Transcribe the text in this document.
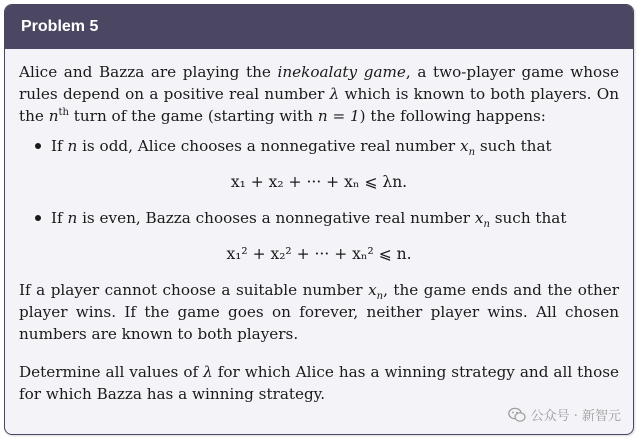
Problem 5

Alice and Bazza are playing the inekoalaty game, a two-player game whose rules depend on a positive real number λ which is known to both players. On the $n^{th}$ turn of the game (starting with n = 1) the following happens:

If n is odd, Alice chooses a nonnegative real number $x_n$ such that
x₁ + x₂ + ··· + xₙ ⩽ λn.
If n is even, Bazza chooses a nonnegative real number $x_n$ such that
x₁² + x₂² + ··· + xₙ² ⩽ n.

If a player cannot choose a suitable number $x_n$, the game ends and the other player wins. If the game goes on forever, neither player wins. All chosen numbers are known to both players.

Determine all values of λ for which Alice has a winning strategy and all those for which Bazza has a winning strategy.

公众号 · 新智元
